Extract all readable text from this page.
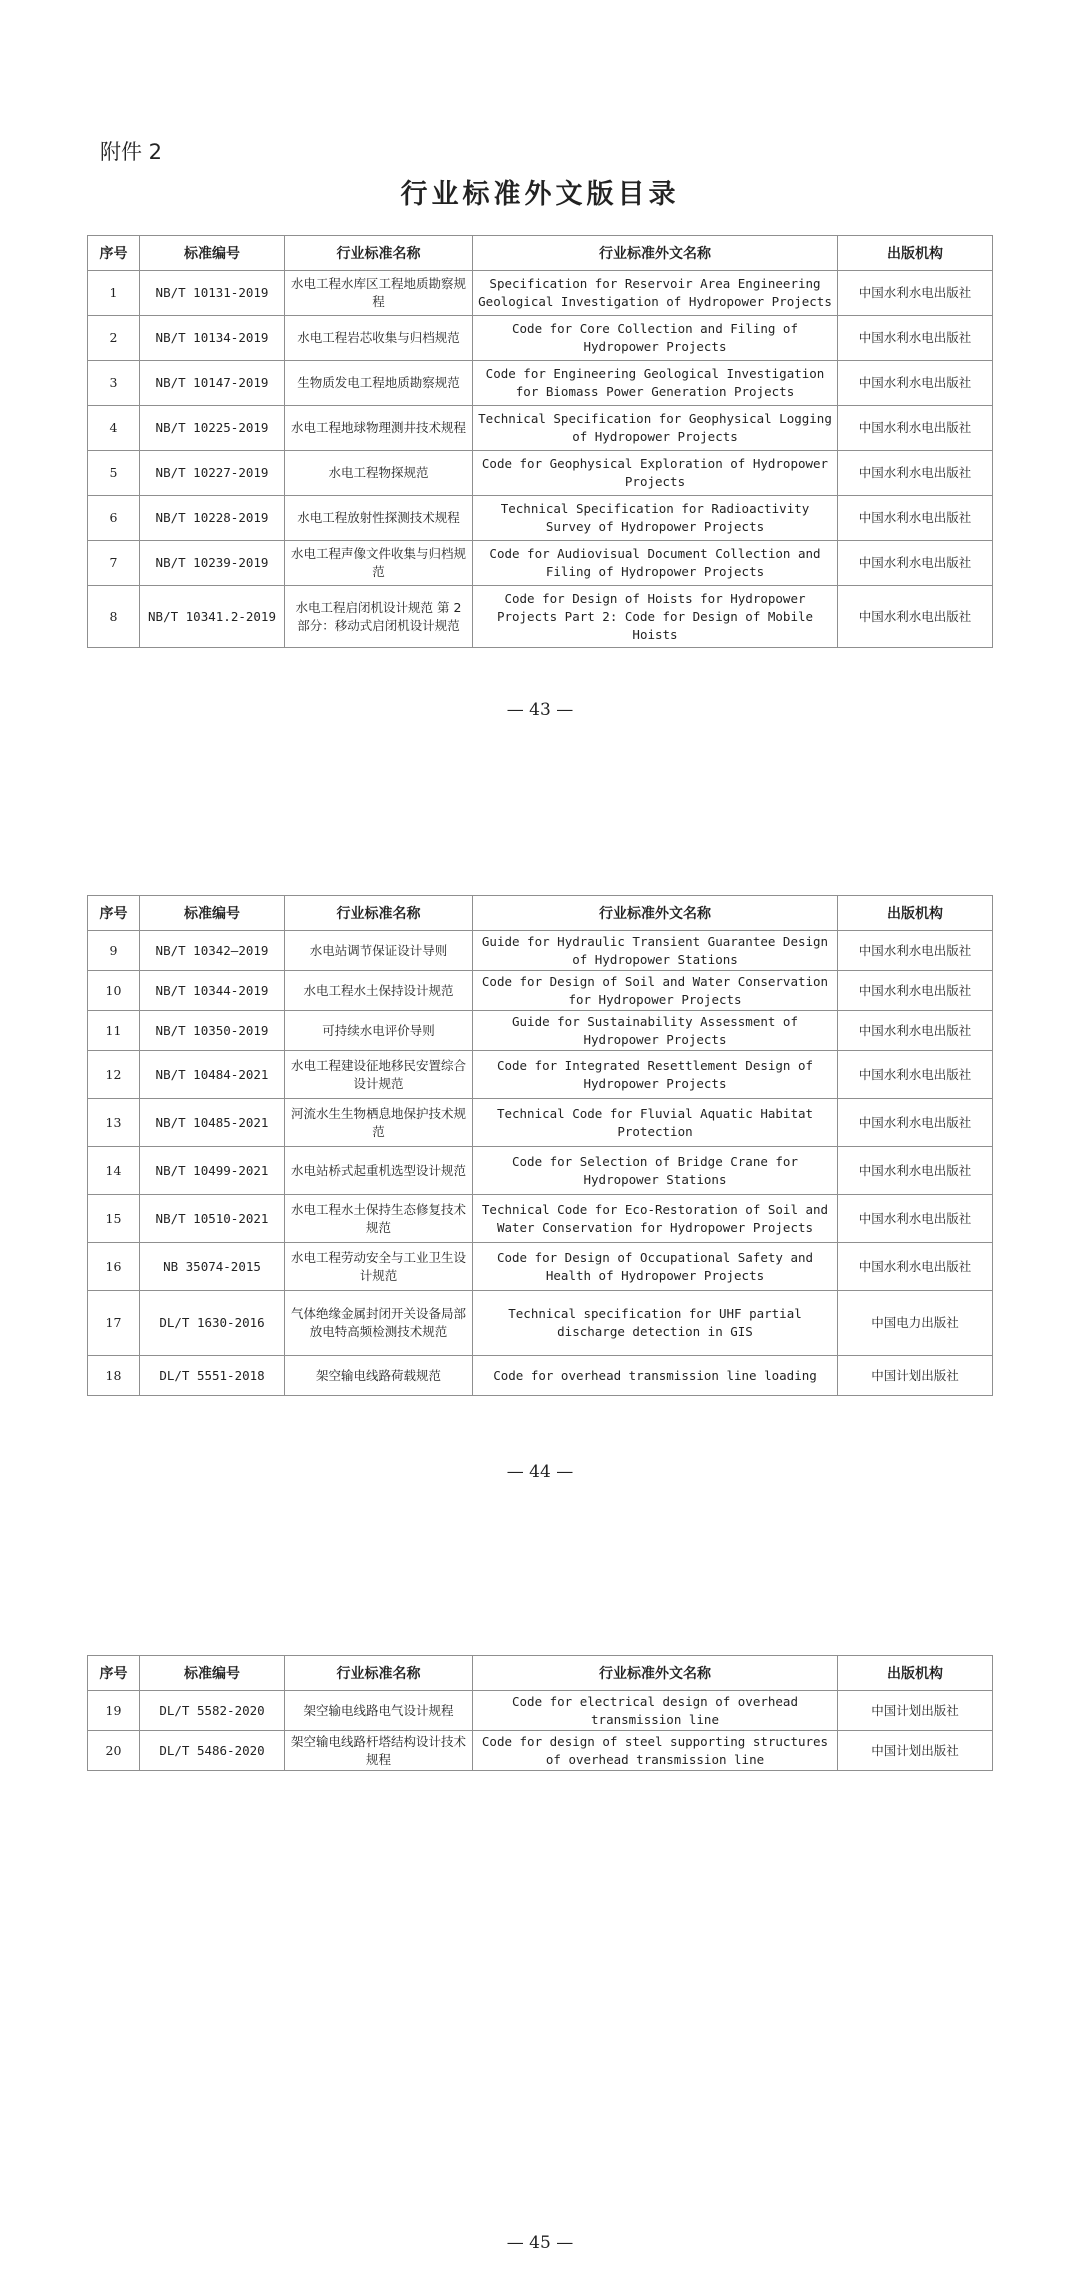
附件 2
行业标准外文版目录
序号	标准编号	行业标准名称	行业标准外文名称	出版机构
1	NB/T 10131-2019	水电工程水库区工程地质勘察规程	Specification for Reservoir Area Engineering Geological Investigation of Hydropower Projects	中国水利水电出版社
2	NB/T 10134-2019	水电工程岩芯收集与归档规范	Code for Core Collection and Filing of Hydropower Projects	中国水利水电出版社
3	NB/T 10147-2019	生物质发电工程地质勘察规范	Code for Engineering Geological Investigation for Biomass Power Generation Projects	中国水利水电出版社
4	NB/T 10225-2019	水电工程地球物理测井技术规程	Technical Specification for Geophysical Logging of Hydropower Projects	中国水利水电出版社
5	NB/T 10227-2019	水电工程物探规范	Code for Geophysical Exploration of Hydropower Projects	中国水利水电出版社
6	NB/T 10228-2019	水电工程放射性探测技术规程	Technical Specification for Radioactivity Survey of Hydropower Projects	中国水利水电出版社
7	NB/T 10239-2019	水电工程声像文件收集与归档规范	Code for Audiovisual Document Collection and Filing of Hydropower Projects	中国水利水电出版社
8	NB/T 10341.2-2019	水电工程启闭机设计规范 第 2 部分：移动式启闭机设计规范	Code for Design of Hoists for Hydropower Projects Part 2: Code for Design of Mobile Hoists	中国水利水电出版社
— 43 —
序号	标准编号	行业标准名称	行业标准外文名称	出版机构
9	NB/T 10342—2019	水电站调节保证设计导则	Guide for Hydraulic Transient Guarantee Design of Hydropower Stations	中国水利水电出版社
10	NB/T 10344-2019	水电工程水土保持设计规范	Code for Design of Soil and Water Conservation for Hydropower Projects	中国水利水电出版社
11	NB/T 10350-2019	可持续水电评价导则	Guide for Sustainability Assessment of Hydropower Projects	中国水利水电出版社
12	NB/T 10484-2021	水电工程建设征地移民安置综合设计规范	Code for Integrated Resettlement Design of Hydropower Projects	中国水利水电出版社
13	NB/T 10485-2021	河流水生生物栖息地保护技术规范	Technical Code for Fluvial Aquatic Habitat Protection	中国水利水电出版社
14	NB/T 10499-2021	水电站桥式起重机选型设计规范	Code for Selection of Bridge Crane for Hydropower Stations	中国水利水电出版社
15	NB/T 10510-2021	水电工程水土保持生态修复技术规范	Technical Code for Eco-Restoration of Soil and Water Conservation for Hydropower Projects	中国水利水电出版社
16	NB 35074-2015	水电工程劳动安全与工业卫生设计规范	Code for Design of Occupational Safety and Health of Hydropower Projects	中国水利水电出版社
17	DL/T 1630-2016	气体绝缘金属封闭开关设备局部放电特高频检测技术规范	Technical specification for UHF partial discharge detection in GIS	中国电力出版社
18	DL/T 5551-2018	架空输电线路荷载规范	Code for overhead transmission line loading	中国计划出版社
— 44 —
序号	标准编号	行业标准名称	行业标准外文名称	出版机构
19	DL/T 5582-2020	架空输电线路电气设计规程	Code for electrical design of overhead transmission line	中国计划出版社
20	DL/T 5486-2020	架空输电线路杆塔结构设计技术规程	Code for design of steel supporting structures of overhead transmission line	中国计划出版社
— 45 —
